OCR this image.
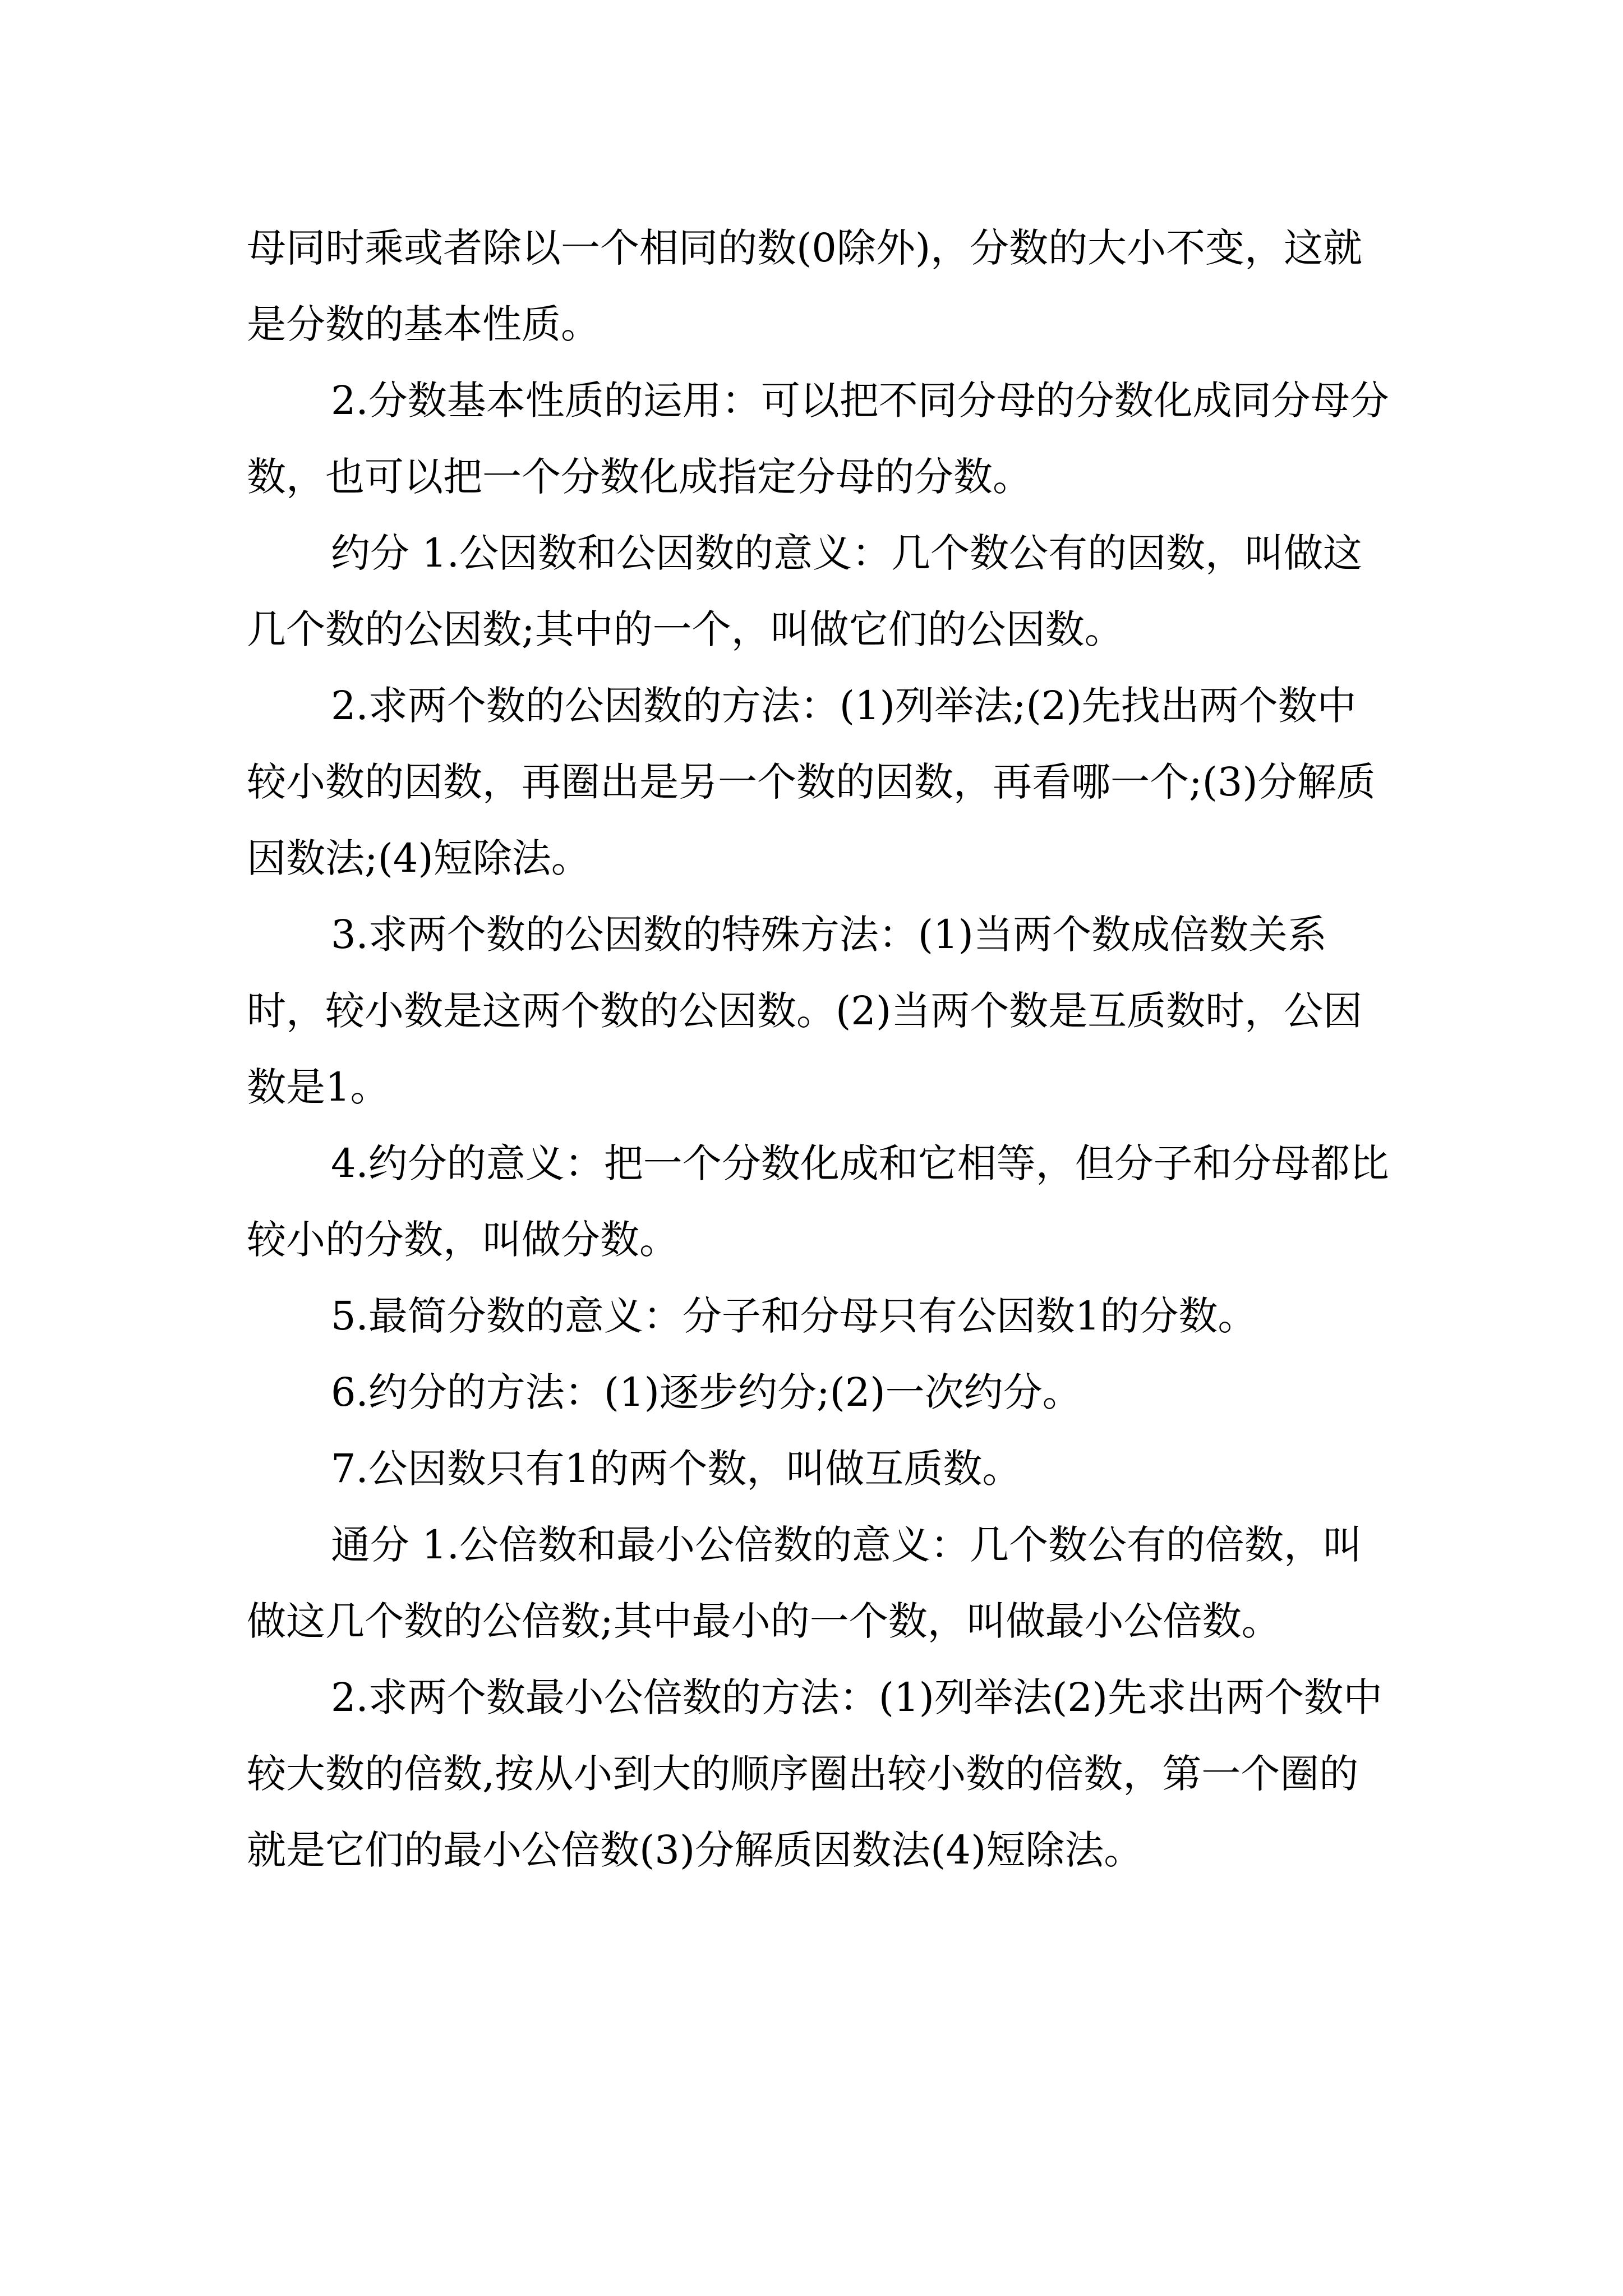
母同时乘或者除以一个相同的数(0除外)，分数的大小不变，这就是分数的基本性质。

2.分数基本性质的运用：可以把不同分母的分数化成同分母分数，也可以把一个分数化成指定分母的分数。

约分 1.公因数和公因数的意义：几个数公有的因数，叫做这几个数的公因数;其中的一个，叫做它们的公因数。

2.求两个数的公因数的方法：(1)列举法;(2)先找出两个数中较小数的因数，再圈出是另一个数的因数，再看哪一个;(3)分解质因数法;(4)短除法。

3.求两个数的公因数的特殊方法：(1)当两个数成倍数关系时，较小数是这两个数的公因数。(2)当两个数是互质数时，公因数是1。

4.约分的意义：把一个分数化成和它相等，但分子和分母都比较小的分数，叫做分数。

5.最简分数的意义：分子和分母只有公因数1的分数。

6.约分的方法：(1)逐步约分;(2)一次约分。

7.公因数只有1的两个数，叫做互质数。

通分 1.公倍数和最小公倍数的意义：几个数公有的倍数，叫做这几个数的公倍数;其中最小的一个数，叫做最小公倍数。

2.求两个数最小公倍数的方法：(1)列举法(2)先求出两个数中较大数的倍数,按从小到大的顺序圈出较小数的倍数，第一个圈的就是它们的最小公倍数(3)分解质因数法(4)短除法。
